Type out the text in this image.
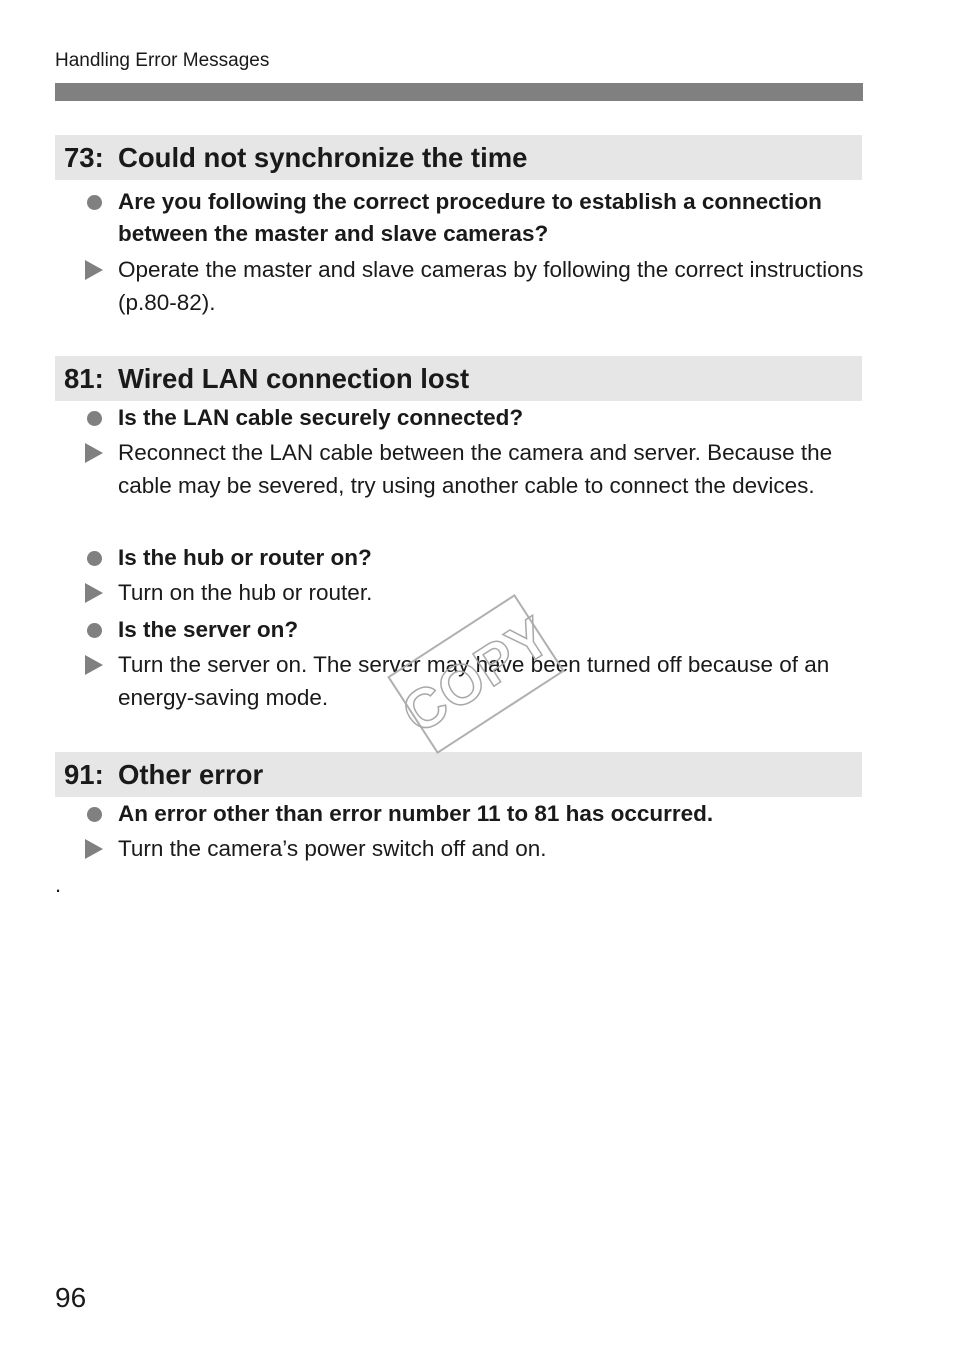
Handling Error Messages
73: Could not synchronize the time
Are you following the correct procedure to establish a connection between the master and slave cameras?
Operate the master and slave cameras by following the correct instructions (p.80-82).
81: Wired LAN connection lost
Is the LAN cable securely connected?
Reconnect the LAN cable between the camera and server. Because the cable may be severed, try using another cable to connect the devices.
Is the hub or router on?
Turn on the hub or router.
Is the server on?
Turn the server on. The server may have been turned off because of an energy-saving mode.
91: Other error
An error other than error number 11 to 81 has occurred.
Turn the camera’s power switch off and on.
.
COPY
96
